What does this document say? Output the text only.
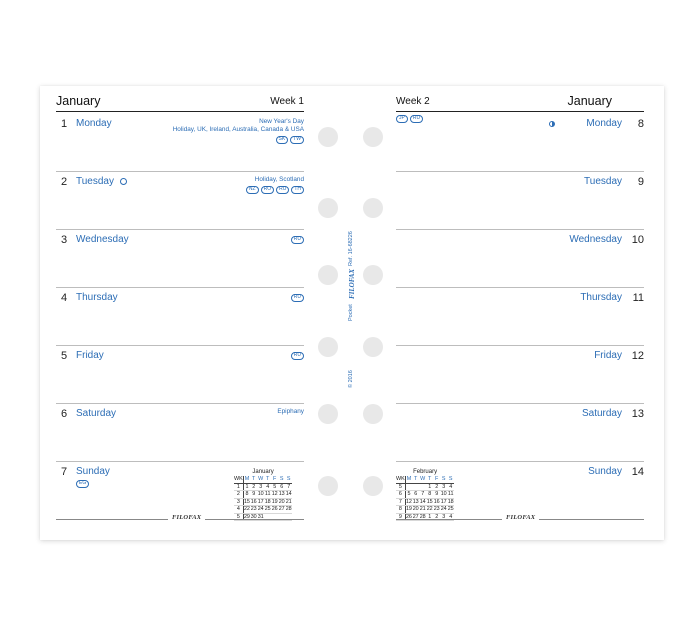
January	Week 1
1 Monday	New Year's Day
Holiday, UK, Ireland, Australia, Canada & USA
SK	TW
2 Tuesday	Holiday, Scotland
NZ	RO	RU	TH
3 Wednesday	RU
4 Thursday	RU
5 Friday	RU
6 Saturday	Epiphany
7 Sunday
EG
January
WK	M	T	W	T	F	S	S
1	1	2	3	4	5	6	7
2	8	9	10	11	12	13	14
3	15	16	17	18	19	20	21
4	22	23	24	25	26	27	28
5	29	30	31				
FILOFAX
Ref. 16-68226
Pocket
FILOFAX
© 2016
Week 2	January
JP	RU	Monday 8
Tuesday 9
Wednesday 10
Thursday 11
Friday 12
Saturday 13
Sunday 14
February
WK	M	T	W	T	F	S	S
5				1	2	3	4
6	5	6	7	8	9	10	11
7	12	13	14	15	16	17	18
8	19	20	21	22	23	24	25
9	26	27	28	1	2	3	4	FILOFAX
